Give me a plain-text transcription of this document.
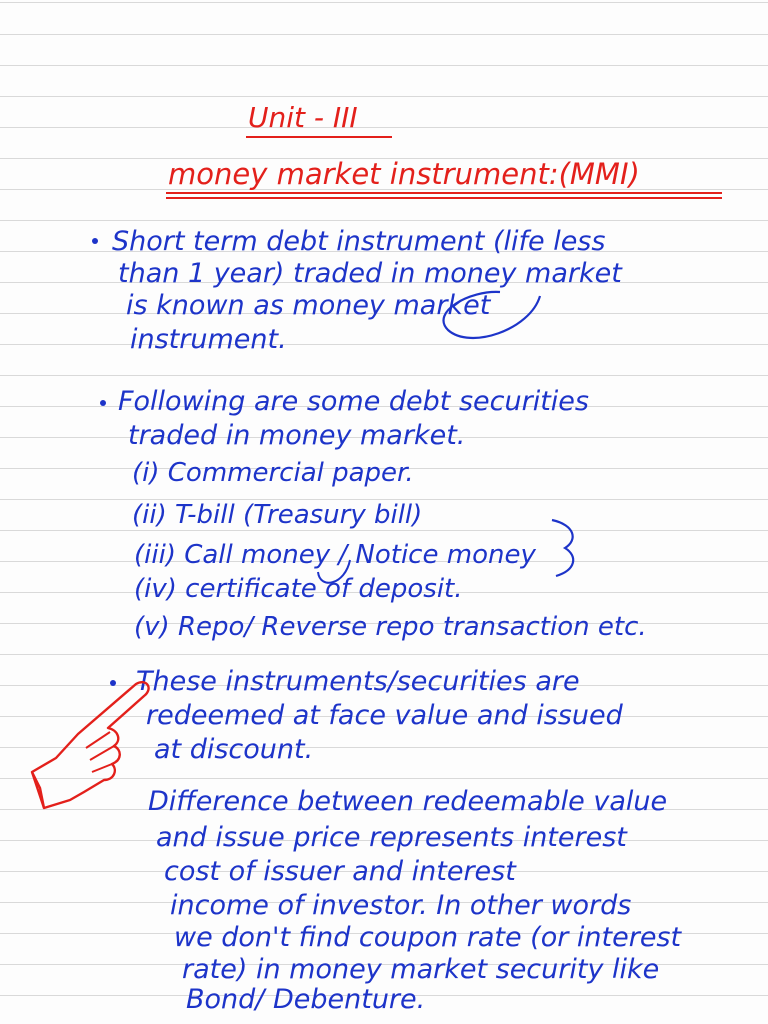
Unit - III
money market instrument:(MMI)
Short term debt instrument (life less
than 1 year) traded in money market
is known as money market
instrument.
Following are some debt securities
traded in money market.
(i) Commercial paper.
(ii) T-bill (Treasury bill)
(iii) Call money / Notice money
(iv) certificate of deposit.
(v) Repo/ Reverse repo transaction etc.
These instruments/securities are
redeemed at face value and issued
at discount.
Difference between redeemable value
and issue price represents interest
cost of issuer and interest
income of investor. In other words
we don't find coupon rate (or interest
rate) in money market security like
Bond/ Debenture.
